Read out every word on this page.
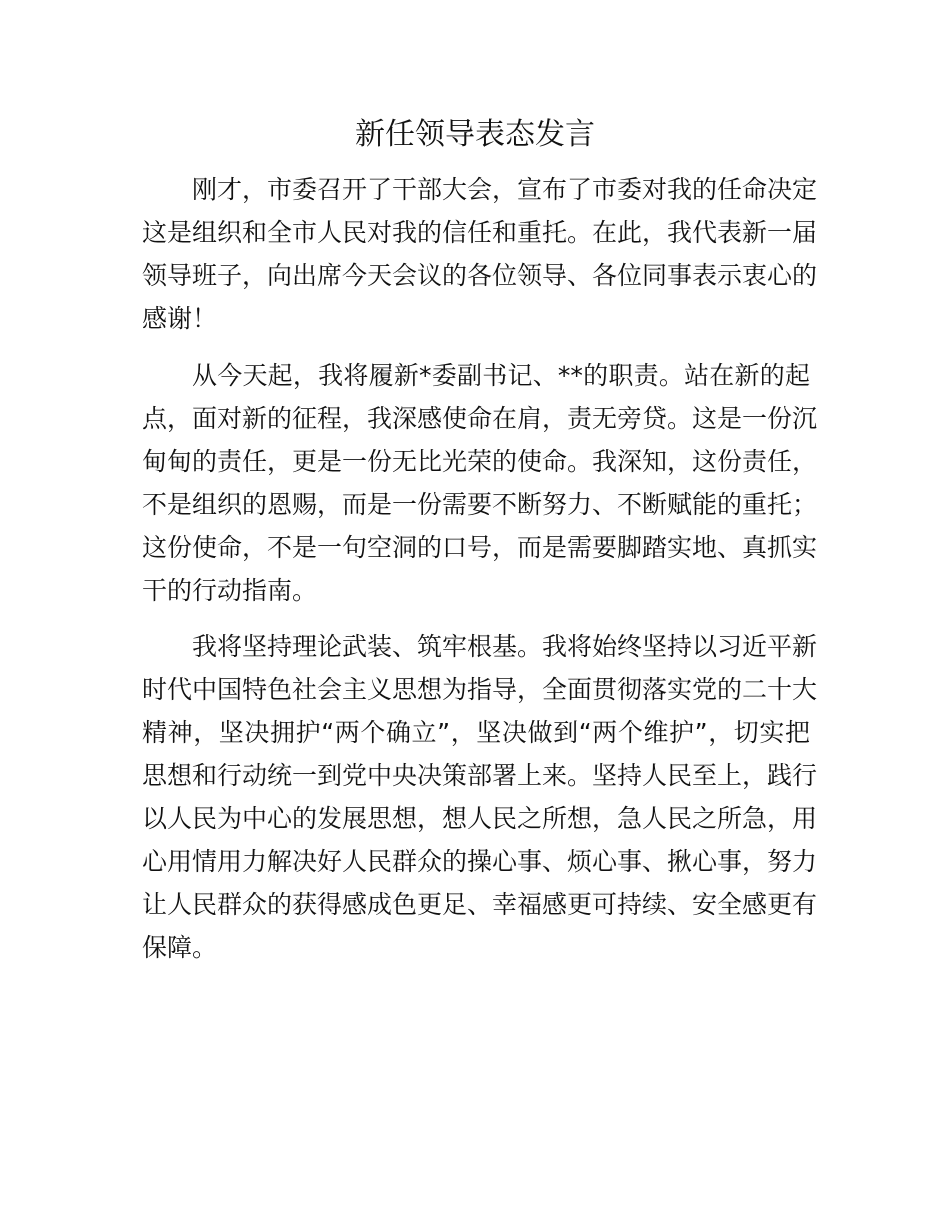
新任领导表态发言
刚才，市委召开了干部大会，宣布了市委对我的任命决定
这是组织和全市人民对我的信任和重托。在此，我代表新一届
领导班子，向出席今天会议的各位领导、各位同事表示衷心的
感谢！
从今天起，我将履新*委副书记、**的职责。站在新的起
点，面对新的征程，我深感使命在肩，责无旁贷。这是一份沉
甸甸的责任，更是一份无比光荣的使命。我深知，这份责任，
不是组织的恩赐，而是一份需要不断努力、不断赋能的重托；
这份使命，不是一句空洞的口号，而是需要脚踏实地、真抓实
干的行动指南。
我将坚持理论武装、筑牢根基。我将始终坚持以习近平新
时代中国特色社会主义思想为指导，全面贯彻落实党的二十大
精神，坚决拥护“两个确立”，坚决做到“两个维护”，切实把
思想和行动统一到党中央决策部署上来。坚持人民至上，践行
以人民为中心的发展思想，想人民之所想，急人民之所急，用
心用情用力解决好人民群众的操心事、烦心事、揪心事，努力
让人民群众的获得感成色更足、幸福感更可持续、安全感更有
保障。
